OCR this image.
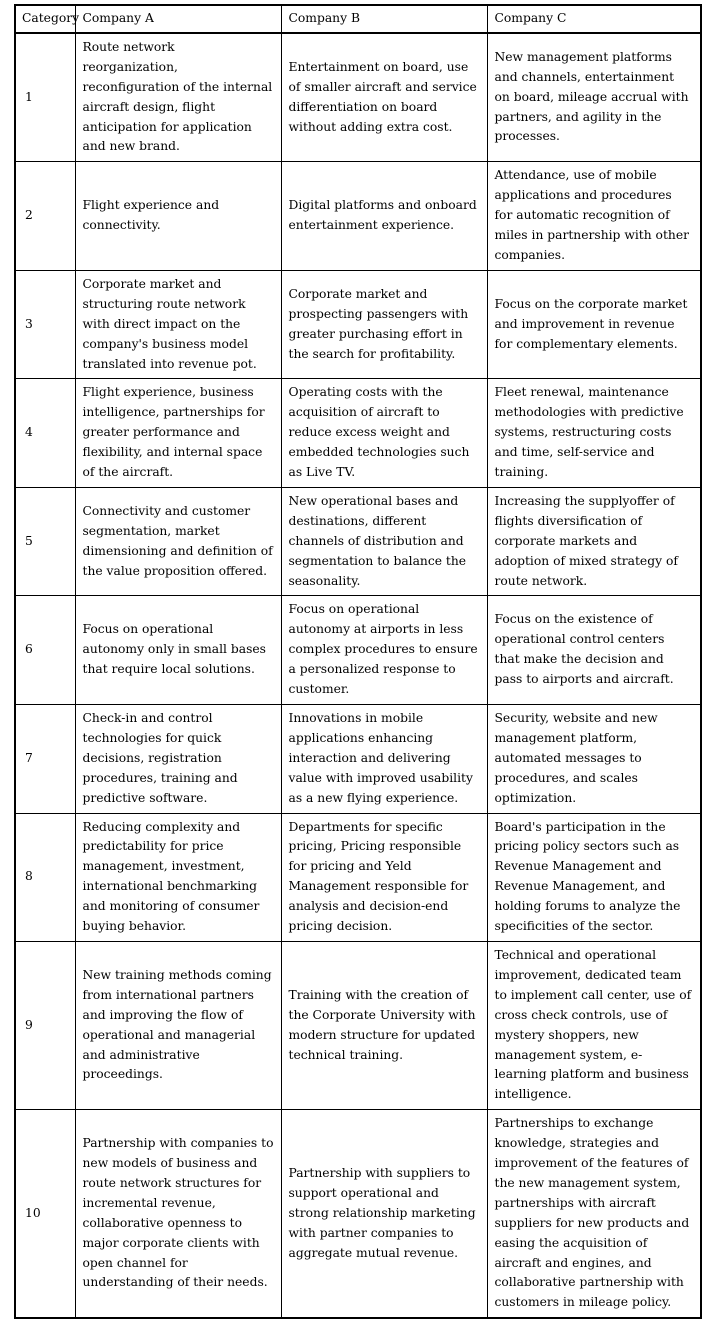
Category	Company A	Company B	Company C
1	Route network reorganization, reconfiguration of the internal aircraft design, flight anticipation for application and new brand.	Entertainment on board, use of smaller aircraft and service differentiation on board without adding extra cost.	New management platforms and channels, entertainment on board, mileage accrual with partners, and agility in the processes.
2	Flight experience and connectivity.	Digital platforms and onboard entertainment experience.	Attendance, use of mobile applications and procedures for automatic recognition of miles in partnership with other companies.
3	Corporate market and structuring route network with direct impact on the company's business model translated into revenue pot.	Corporate market and prospecting passengers with greater purchasing effort in the search for profitability.	Focus on the corporate market and improvement in revenue for complementary elements.
4	Flight experience, business intelligence, partnerships for greater performance and flexibility, and internal space of the aircraft.	Operating costs with the acquisition of aircraft to reduce excess weight and embedded technologies such as Live TV.	Fleet renewal, maintenance methodologies with predictive systems, restructuring costs and time, self-service and training.
5	Connectivity and customer segmentation, market dimensioning and definition of the value proposition offered.	New operational bases and destinations, different channels of distribution and segmentation to balance the seasonality.	Increasing the supplyoffer of flights diversification of corporate markets and adoption of mixed strategy of route network.
6	Focus on operational autonomy only in small bases that require local solutions.	Focus on operational autonomy at airports in less complex procedures to ensure a personalized response to customer.	Focus on the existence of operational control centers that make the decision and pass to airports and aircraft.
7	Check-in and control technologies for quick decisions, registration procedures, training and predictive software.	Innovations in mobile applications enhancing interaction and delivering value with improved usability as a new flying experience.	Security, website and new management platform, automated messages to procedures, and scales optimization.
8	Reducing complexity and predictability for price management, investment, international benchmarking and monitoring of consumer buying behavior.	Departments for specific pricing, Pricing responsible for pricing and Yeld Management responsible for analysis and decision-end pricing decision.	Board's participation in the pricing policy sectors such as Revenue Management and Revenue Management, and holding forums to analyze the specificities of the sector.
9	New training methods coming from international partners and improving the flow of operational and managerial and administrative proceedings.	Training with the creation of the Corporate University with modern structure for updated technical training.	Technical and operational improvement, dedicated team to implement call center, use of cross check controls, use of mystery shoppers, new management system, e-learning platform and business intelligence.
10	Partnership with companies to new models of business and route network structures for incremental revenue, collaborative openness to major corporate clients with open channel for understanding of their needs.	Partnership with suppliers to support operational and strong relationship marketing with partner companies to aggregate mutual revenue.	Partnerships to exchange knowledge, strategies and improvement of the features of the new management system, partnerships with aircraft suppliers for new products and easing the acquisition of aircraft and engines, and collaborative partnership with customers in mileage policy.
